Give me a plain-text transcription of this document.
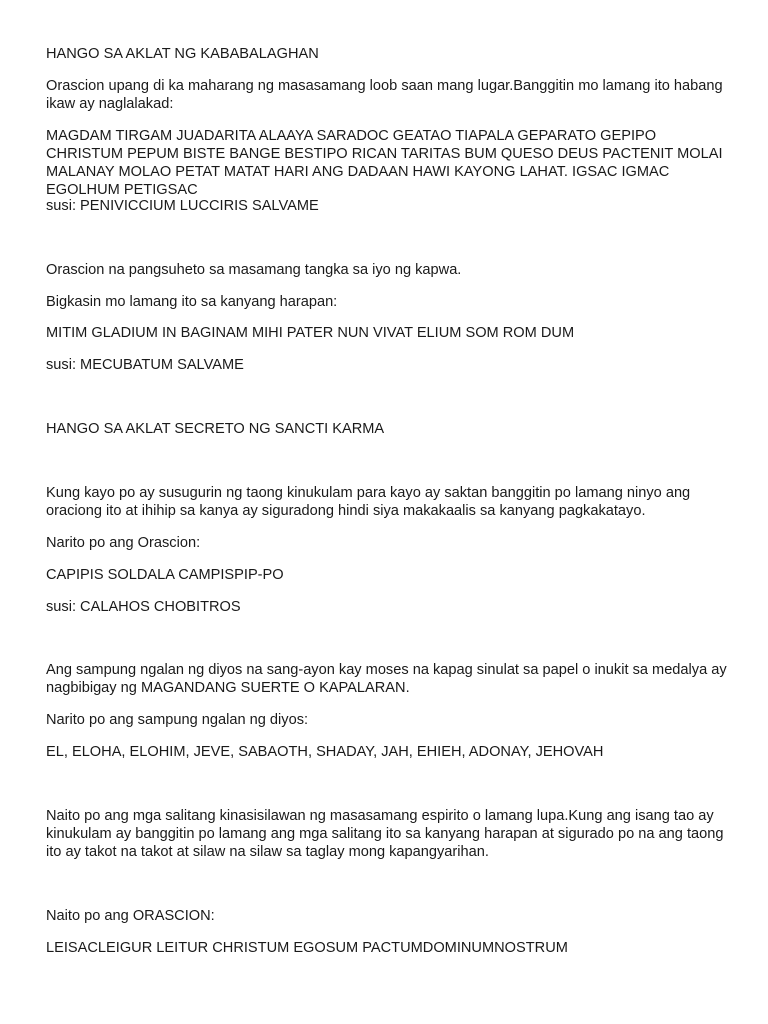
HANGO SA AKLAT NG KABABALAGHAN

Orascion upang di ka maharang ng masasamang loob saan mang lugar.Banggitin mo lamang ito habang ikaw ay naglalakad:

MAGDAM TIRGAM JUADARITA ALAAYA SARADOC GEATAO TIAPALA GEPARATO GEPIPO CHRISTUM PEPUM BISTE BANGE BESTIPO RICAN TARITAS BUM QUESO DEUS PACTENIT MOLAI MALANAY MOLAO PETAT MATAT HARI ANG DADAAN HAWI KAYONG LAHAT. IGSAC IGMAC EGOLHUM PETIGSAC

susi: PENIVICCIUM LUCCIRIS SALVAME

Orascion na pangsuheto sa masamang tangka sa iyo ng kapwa.

Bigkasin mo lamang ito sa kanyang harapan:

MITIM GLADIUM IN BAGINAM MIHI PATER NUN VIVAT ELIUM SOM ROM DUM

susi: MECUBATUM SALVAME

HANGO SA AKLAT SECRETO NG SANCTI KARMA

Kung kayo po ay susugurin ng taong kinukulam para kayo ay saktan banggitin po lamang ninyo ang oraciong ito at ihihip sa kanya ay siguradong hindi siya makakaalis sa kanyang pagkakatayo.

Narito po ang Orascion:

CAPIPIS SOLDALA CAMPISPIP-PO

susi: CALAHOS CHOBITROS

Ang sampung ngalan ng diyos na sang-ayon kay moses na kapag sinulat sa papel o inukit sa medalya ay nagbibigay ng MAGANDANG SUERTE O KAPALARAN.

Narito po ang sampung ngalan ng diyos:

EL, ELOHA, ELOHIM, JEVE, SABAOTH, SHADAY, JAH, EHIEH, ADONAY, JEHOVAH

Naito po ang mga salitang kinasisilawan ng masasamang espirito o lamang lupa.Kung ang isang tao ay kinukulam ay banggitin po lamang ang mga salitang ito sa kanyang harapan at sigurado po na ang taong ito ay takot na takot at silaw na silaw sa taglay mong kapangyarihan.

Naito po ang ORASCION:

LEISACLEIGUR LEITUR CHRISTUM EGOSUM PACTUMDOMINUMNOSTRUM
